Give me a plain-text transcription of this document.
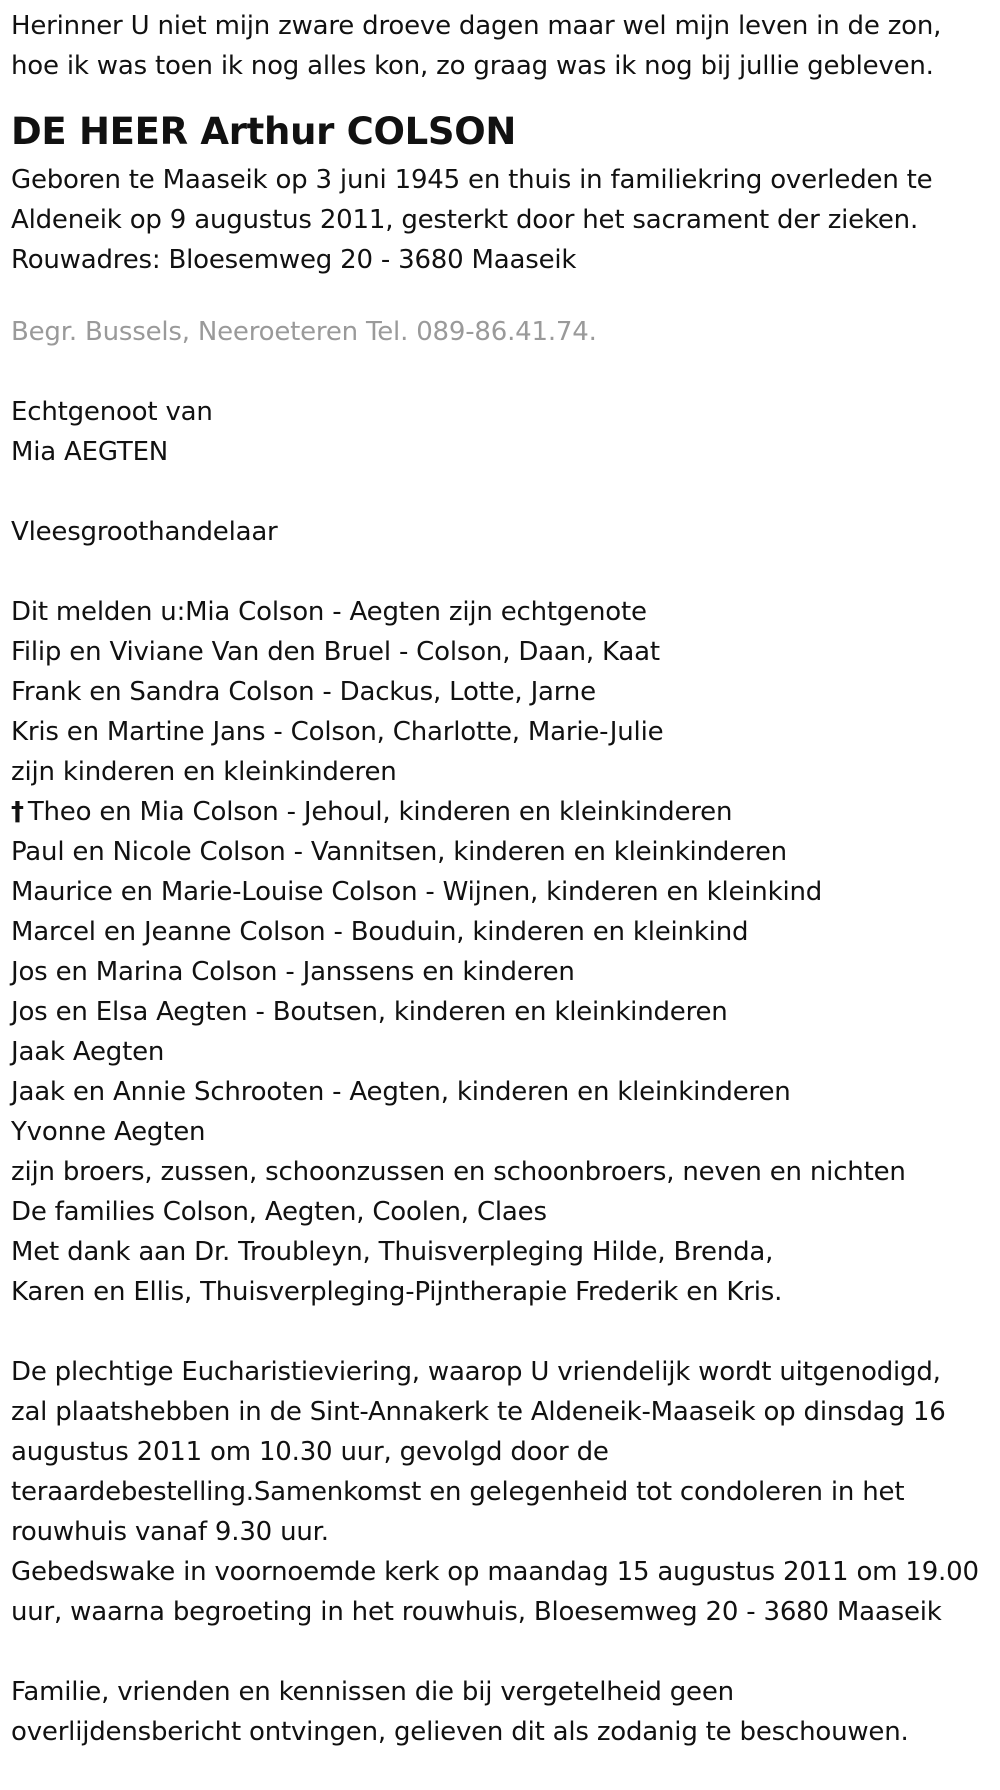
Herinner U niet mijn zware droeve dagen maar wel mijn leven in de zon,
hoe ik was toen ik nog alles kon, zo graag was ik nog bij jullie gebleven.
DE HEER Arthur COLSON
Geboren te Maaseik op 3 juni 1945 en thuis in familiekring overleden te
Aldeneik op 9 augustus 2011, gesterkt door het sacrament der zieken.
Rouwadres: Bloesemweg 20 - 3680 Maaseik
Begr. Bussels, Neeroeteren Tel. 089-86.41.74.
Echtgenoot van
Mia AEGTEN
Vleesgroothandelaar
Dit melden u:Mia Colson - Aegten zijn echtgenote
Filip en Viviane Van den Bruel - Colson, Daan, Kaat
Frank en Sandra Colson - Dackus, Lotte, Jarne
Kris en Martine Jans - Colson, Charlotte, Marie-Julie
zijn kinderen en kleinkinderen
† Theo en Mia Colson - Jehoul, kinderen en kleinkinderen
Paul en Nicole Colson - Vannitsen, kinderen en kleinkinderen
Maurice en Marie-Louise Colson - Wijnen, kinderen en kleinkind
Marcel en Jeanne Colson - Bouduin, kinderen en kleinkind
Jos en Marina Colson - Janssens en kinderen
Jos en Elsa Aegten - Boutsen, kinderen en kleinkinderen
Jaak Aegten
Jaak en Annie Schrooten - Aegten, kinderen en kleinkinderen
Yvonne Aegten
zijn broers, zussen, schoonzussen en schoonbroers, neven en nichten
De families Colson, Aegten, Coolen, Claes
Met dank aan Dr. Troubleyn, Thuisverpleging Hilde, Brenda,
Karen en Ellis, Thuisverpleging-Pijntherapie Frederik en Kris.
De plechtige Eucharistieviering, waarop U vriendelijk wordt uitgenodigd,
zal plaatshebben in de Sint-Annakerk te Aldeneik-Maaseik op dinsdag 16
augustus 2011 om 10.30 uur, gevolgd door de
teraardebestelling.Samenkomst en gelegenheid tot condoleren in het
rouwhuis vanaf 9.30 uur.
Gebedswake in voornoemde kerk op maandag 15 augustus 2011 om 19.00
uur, waarna begroeting in het rouwhuis, Bloesemweg 20 - 3680 Maaseik
Familie, vrienden en kennissen die bij vergetelheid geen
overlijdensbericht ontvingen, gelieven dit als zodanig te beschouwen.
